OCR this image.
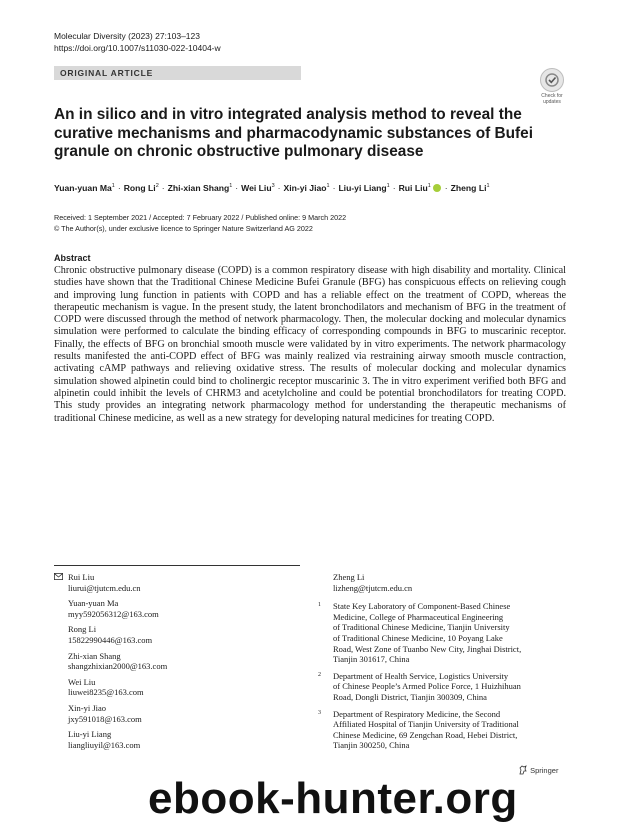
Molecular Diversity (2023) 27:103–123
https://doi.org/10.1007/s11030-022-10404-w
ORIGINAL ARTICLE
Check for
updates
An in silico and in vitro integrated analysis method to reveal the curative mechanisms and pharmacodynamic substances of Bufei granule on chronic obstructive pulmonary disease
Yuan-yuan $Ma^1$ · Rong $Li^2$ · Zhi-xian Shang$^1$ · Wei Liu$^3$ · Xin-yi Jiao$^1$ · Liu-yi Liang$^1$ · Rui Liu$^1$ · Zheng Li$^1$
Received: 1 September 2021 / Accepted: 7 February 2022 / Published online: 9 March 2022
© The Author(s), under exclusive licence to Springer Nature Switzerland AG 2022
Abstract

Chronic obstructive pulmonary disease (COPD) is a common respiratory disease with high disability and mortality. Clinical studies have shown that the Traditional Chinese Medicine Bufei Granule (BFG) has conspicuous effects on relieving cough and improving lung function in patients with COPD and has a reliable effect on the treatment of COPD, whereas the therapeutic mechanism is vague. In the present study, the latent bronchodilators and mechanism of BFG in the treatment of COPD were discussed through the method of network pharmacology. Then, the molecular docking and molecular dynamics simulation were performed to calculate the binding efficacy of corresponding compounds in BFG to muscarinic receptor. Finally, the effects of BFG on bronchial smooth muscle were validated by in vitro experiments. The network pharmacology results manifested the anti-COPD effect of BFG was mainly realized via restraining airway smooth muscle contraction, activating cAMP pathways and relieving oxidative stress. The results of molecular docking and molecular dynamics simulation showed alpinetin could bind to cholinergic receptor muscarinic 3. The in vitro experiment verified both BFG and alpinetin could inhibit the levels of CHRM3 and acetylcholine and could be potential bronchodilators for treating COPD. This study provides an integrating network pharmacology method for understanding the therapeutic mechanisms of traditional Chinese medicine, as well as a new strategy for developing natural medicines for treating COPD.

Rui Liu
liurui@tjutcm.edu.cn
Yuan-yuan Ma
myy592056312@163.com
Rong Li
15822990446@163.com
Zhi-xian Shang
shangzhixian2000@163.com
Wei Liu
liuwei8235@163.com
Xin-yi Jiao
jxy591018@163.com
Liu-yi Liang
liangliuyil@163.com
Zheng Li
lizheng@tjutcm.edu.cn
1 State Key Laboratory of Component-Based Chinese
Medicine, College of Pharmaceutical Engineering
of Traditional Chinese Medicine, Tianjin University
of Traditional Chinese Medicine, 10 Poyang Lake
Road, West Zone of Tuanbo New City, Jinghai District,
Tianjin 301617, China
2 Department of Health Service, Logistics University
of Chinese People’s Armed Police Force, 1 Huizhihuan
Road, Dongli District, Tianjin 300309, China
3 Department of Respiratory Medicine, the Second
Affiliated Hospital of Tianjin University of Traditional
Chinese Medicine, 69 Zengchan Road, Hebei District,
Tianjin 300250, China
Springer
ebook-hunter.org
